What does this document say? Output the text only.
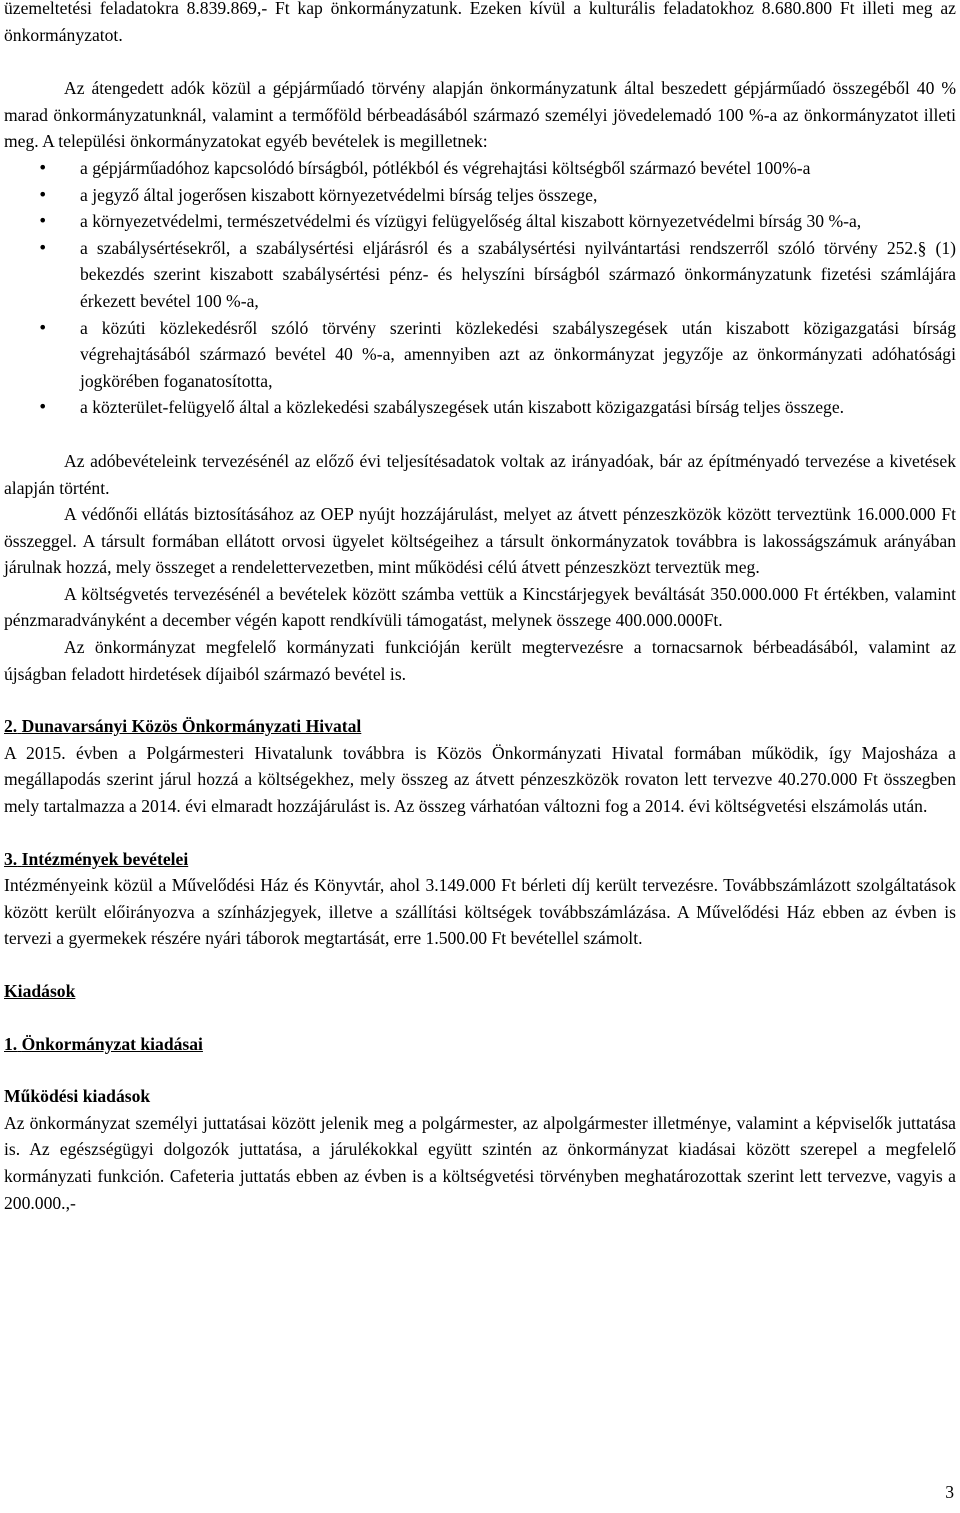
üzemeltetési feladatokra 8.839.869,- Ft kap önkormányzatunk. Ezeken kívül a kulturális feladatokhoz 8.680.800 Ft illeti meg az önkormányzatot.

Az átengedett adók közül a gépjárműadó törvény alapján önkormányzatunk által beszedett gépjárműadó összegéből 40 % marad önkormányzatunknál, valamint a termőföld bérbeadásából származó személyi jövedelemadó 100 %-a az önkormányzatot illeti meg. A települési önkormányzatokat egyéb bevételek is megilletnek:

• a gépjárműadóhoz kapcsolódó bírságból, pótlékból és végrehajtási költségből származó bevétel 100%-a
• a jegyző által jogerősen kiszabott környezetvédelmi bírság teljes összege,
• a környezetvédelmi, természetvédelmi és vízügyi felügyelőség által kiszabott környezetvédelmi bírság 30 %-a,
• a szabálysértésekről, a szabálysértési eljárásról és a szabálysértési nyilvántartási rendszerről szóló törvény 252.§ (1) bekezdés szerint kiszabott szabálysértési pénz- és helyszíni bírságból származó önkormányzatunk fizetési számlájára érkezett bevétel 100 %-a,
• a közúti közlekedésről szóló törvény szerinti közlekedési szabályszegések után kiszabott közigazgatási bírság végrehajtásából származó bevétel 40 %-a, amennyiben azt az önkormányzat jegyzője az önkormányzati adóhatósági jogkörében foganatosította,
• a közterület-felügyelő által a közlekedési szabályszegések után kiszabott közigazgatási bírság teljes összege.

Az adóbevételeink tervezésénél az előző évi teljesítésadatok voltak az irányadóak, bár az építményadó tervezése a kivetések alapján történt.

A védőnői ellátás biztosításához az OEP nyújt hozzájárulást, melyet az átvett pénzeszközök között terveztünk 16.000.000 Ft összeggel. A társult formában ellátott orvosi ügyelet költségeihez a társult önkormányzatok továbbra is lakosságszámuk arányában járulnak hozzá, mely összeget a rendelettervezetben, mint működési célú átvett pénzeszközt terveztük meg.

A költségvetés tervezésénél a bevételek között számba vettük a Kincstárjegyek beváltását 350.000.000 Ft értékben, valamint pénzmaradványként a december végén kapott rendkívüli támogatást, melynek összege 400.000.000Ft.

Az önkormányzat megfelelő kormányzati funkcióján került megtervezésre a tornacsarnok bérbeadásából, valamint az újságban feladott hirdetések díjaiból származó bevétel is.

2. Dunavarsányi Közös Önkormányzati Hivatal

A 2015. évben a Polgármesteri Hivatalunk továbbra is Közös Önkormányzati Hivatal formában működik, így Majosháza a megállapodás szerint járul hozzá a költségekhez, mely összeg az átvett pénzeszközök rovaton lett tervezve 40.270.000 Ft összegben mely tartalmazza a 2014. évi elmaradt hozzájárulást is. Az összeg várhatóan változni fog a 2014. évi költségvetési elszámolás után.

3. Intézmények bevételei

Intézményeink közül a Művelődési Ház és Könyvtár, ahol 3.149.000 Ft bérleti díj került tervezésre. Továbbszámlázott szolgáltatások között került előirányozva a színházjegyek, illetve a szállítási költségek továbbszámlázása. A Művelődési Ház ebben az évben is tervezi a gyermekek részére nyári táborok megtartását, erre 1.500.00 Ft bevétellel számolt.

Kiadások

1. Önkormányzat kiadásai

Működési kiadások

Az önkormányzat személyi juttatásai között jelenik meg a polgármester, az alpolgármester illetménye, valamint a képviselők juttatása is. Az egészségügyi dolgozók juttatása, a járulékokkal együtt szintén az önkormányzat kiadásai között szerepel a megfelelő kormányzati funkción. Cafeteria juttatás ebben az évben is a költségvetési törvényben meghatározottak szerint lett tervezve, vagyis a 200.000.,-

3
